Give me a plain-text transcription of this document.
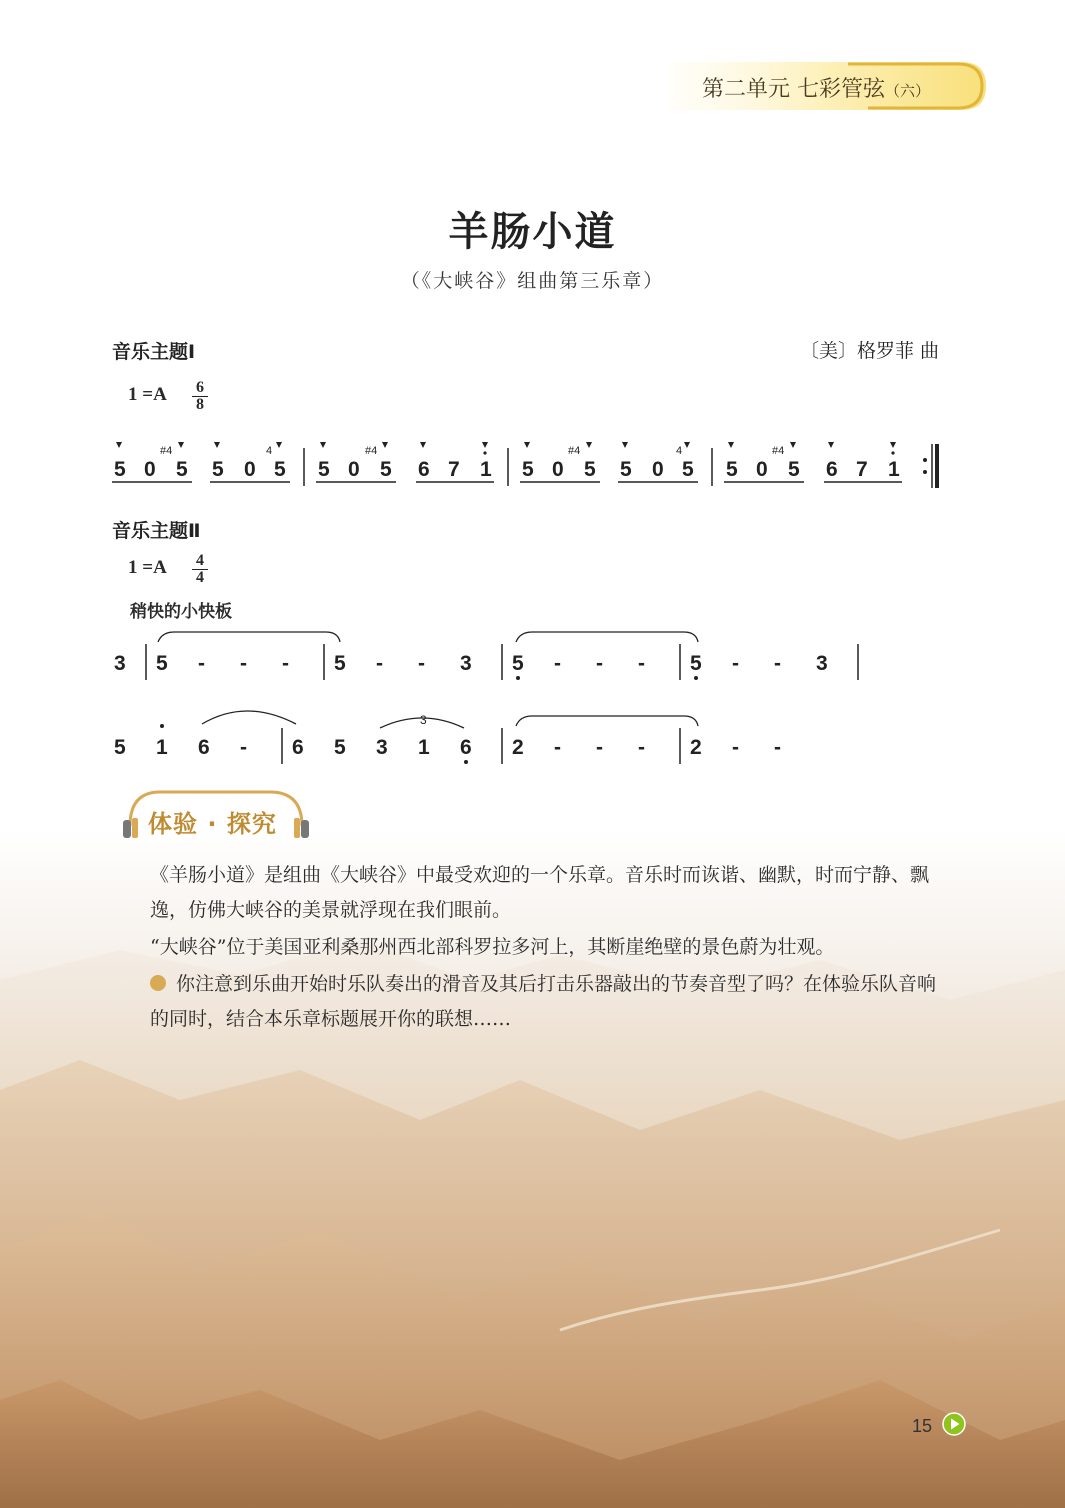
第二单元 七彩管弦（六）
羊肠小道
（《大峡谷》组曲第三乐章）
音乐主题Ⅰ	〔美〕格罗菲 曲
$1 =A \frac{6}{8}$
5 0 5 5 0 5 5 0 5 6 7 1 5 0 5 5 0 5 5 0 5 6 7 1
#4	4	#4	#4	4	#4
音乐主题Ⅱ
$1 =A \frac{4}{4}$
稍快的小快板
3 5 - - - 5 - - 3 5 - - - 5 - - 3
5 1 6 - 6 5 3 1 6 2 - - - 2 - -
3
体验 · 探究
《羊肠小道》是组曲《大峡谷》中最受欢迎的一个乐章。音乐时而诙谐、幽默，时而宁静、飘逸，仿佛大峡谷的美景就浮现在我们眼前。
“大峡谷”位于美国亚利桑那州西北部科罗拉多河上，其断崖绝壁的景色蔚为壮观。
你注意到乐曲开始时乐队奏出的滑音及其后打击乐器敲出的节奏音型了吗？在体验乐队音响的同时，结合本乐章标题展开你的联想……
15
